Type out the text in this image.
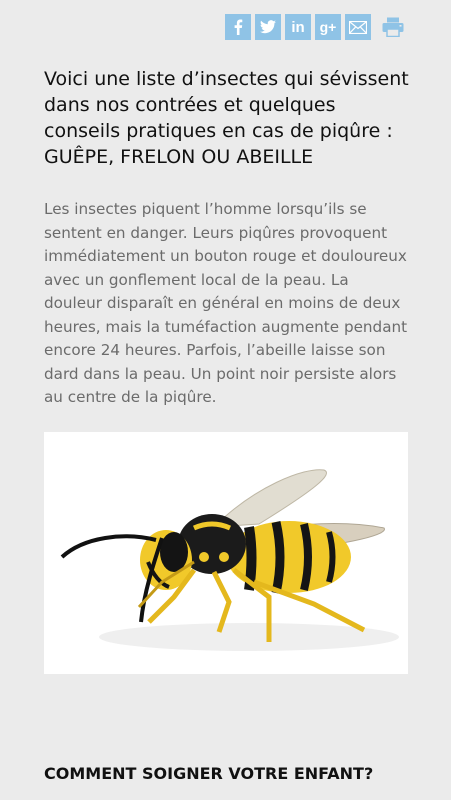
in g+
Voici une liste d’insectes qui sévissent dans nos contrées et quelques conseils pratiques en cas de piqûre :
GUÊPE, FRELON OU ABEILLE

Les insectes piquent l’homme lorsqu’ils se sentent en danger. Leurs piqûres provoquent immédiatement un bouton rouge et douloureux avec un gonflement local de la peau. La douleur disparaît en général en moins de deux heures, mais la tuméfaction augmente pendant encore 24 heures. Parfois, l’abeille laisse son dard dans la peau. Un point noir persiste alors au centre de la piqûre.

COMMENT SOIGNER VOTRE ENFANT?
